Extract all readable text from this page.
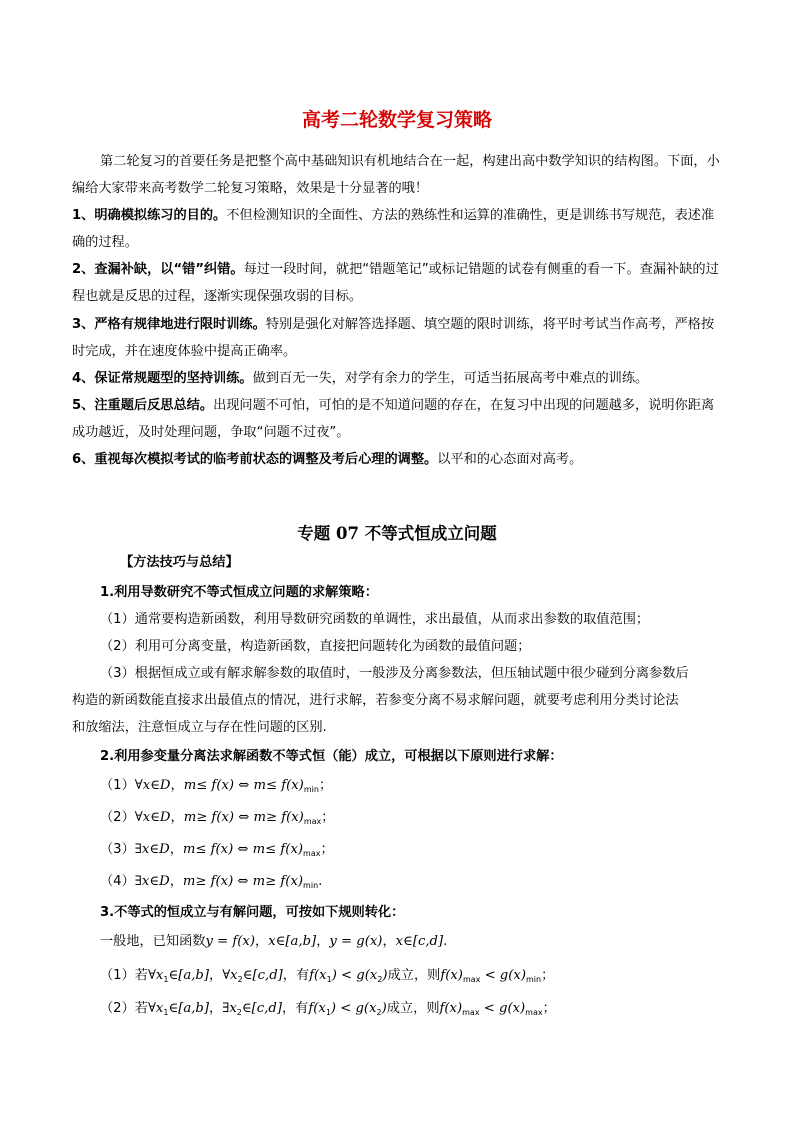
高考二轮数学复习策略
第二轮复习的首要任务是把整个高中基础知识有机地结合在一起，构建出高中数学知识的结构图。下面，小编给大家带来高考数学二轮复习策略，效果是十分显著的哦！
1、明确模拟练习的目的。不但检测知识的全面性、方法的熟练性和运算的准确性，更是训练书写规范，表述准确的过程。
2、查漏补缺，以“错”纠错。每过一段时间，就把“错题笔记”或标记错题的试卷有侧重的看一下。查漏补缺的过程也就是反思的过程，逐渐实现保强攻弱的目标。
3、严格有规律地进行限时训练。特别是强化对解答选择题、填空题的限时训练，将平时考试当作高考，严格按时完成，并在速度体验中提高正确率。
4、保证常规题型的坚持训练。做到百无一失，对学有余力的学生，可适当拓展高考中难点的训练。
5、注重题后反思总结。出现问题不可怕，可怕的是不知道问题的存在，在复习中出现的问题越多，说明你距离成功越近，及时处理问题，争取“问题不过夜”。
6、重视每次模拟考试的临考前状态的调整及考后心理的调整。以平和的心态面对高考。
专题 07 不等式恒成立问题
【方法技巧与总结】
1.利用导数研究不等式恒成立问题的求解策略：
（1）通常要构造新函数，利用导数研究函数的单调性，求出最值，从而求出参数的取值范围；
（2）利用可分离变量，构造新函数，直接把问题转化为函数的最值问题；
（3）根据恒成立或有解求解参数的取值时，一般涉及分离参数法，但压轴试题中很少碰到分离参数后
构造的新函数能直接求出最值点的情况，进行求解，若参变分离不易求解问题，就要考虑利用分类讨论法
和放缩法，注意恒成立与存在性问题的区别.
2.利用参变量分离法求解函数不等式恒（能）成立，可根据以下原则进行求解：
（1）∀x∈D，m≤ f(x) ⇔ $m\le f(x)_{min}$；
（2）∀x∈D，m≥ f(x) ⇔ $m\ge f(x)_{max}$；
（3）∃x∈D，m≤ f(x) ⇔ $m\le f(x)_{max}$；
（4）∃x∈D，m≥ f(x) ⇔ $m\ge f(x)_{min}$.
3.不等式的恒成立与有解问题，可按如下规则转化：
一般地，已知函数y = f(x)，x∈[a,b]，y = g(x)，x∈[c,d].
（1）若$\forall x_1\in[a,b]$，$\forall x_2\in[c,d]$，有$f(x_1) < g(x_2)$成立，则$f(x)_{max} < g(x)_{min}$；
（2）若$\forall x_1\in[a,b]$，$\exists x_2\in[c,d]$，有$f(x_1) < g(x_2)$成立，则$f(x)_{max} < g(x)_{max}$；
